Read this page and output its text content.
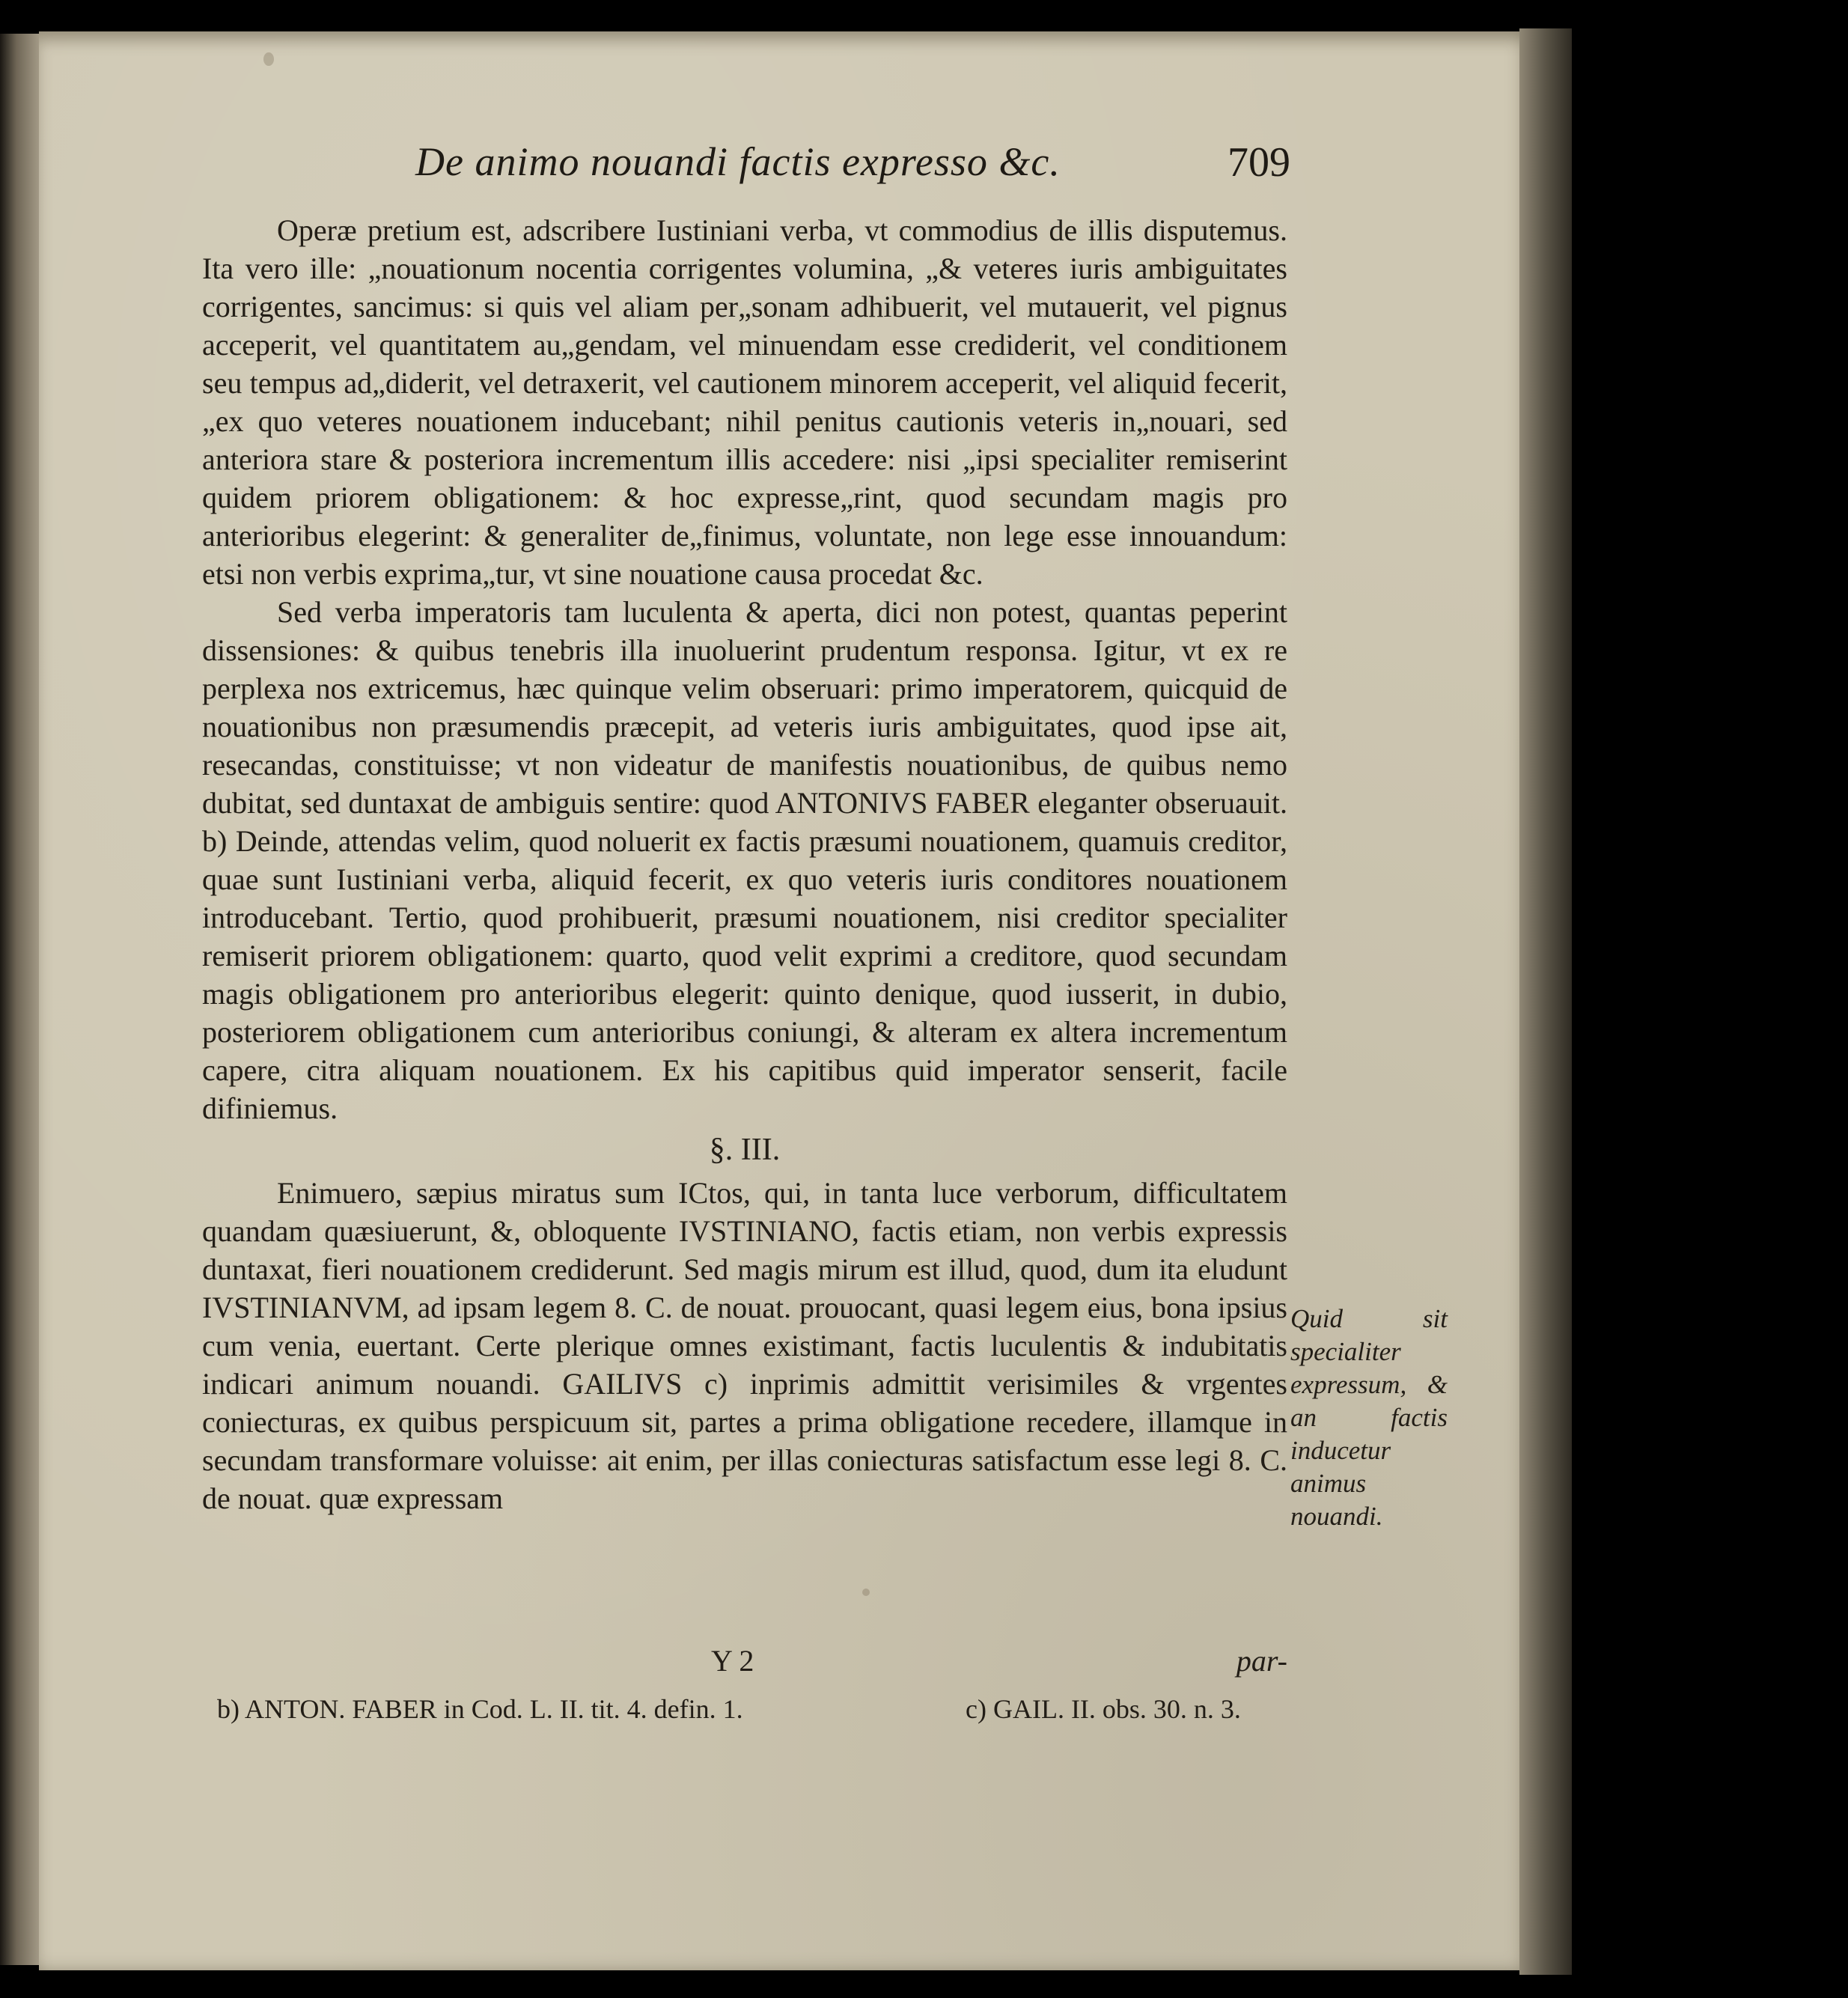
De animo nouandi factis expresso &c.	709

Operæ pretium est, adscribere Iustiniani verba, vt commodius de illis disputemus. Ita vero ille: „nouationum nocentia corrigentes volumina, „& veteres iuris ambiguitates corrigentes, sancimus: si quis vel aliam per„sonam adhibuerit, vel mutauerit, vel pignus acceperit, vel quantitatem au„gendam, vel minuendam esse crediderit, vel conditionem seu tempus ad„diderit, vel detraxerit, vel cautionem minorem acceperit, vel aliquid fecerit, „ex quo veteres nouationem inducebant; nihil penitus cautionis veteris in„nouari, sed anteriora stare & posteriora incrementum illis accedere: nisi „ipsi specialiter remiserint quidem priorem obligationem: & hoc expresse„rint, quod secundam magis pro anterioribus elegerint: & generaliter de„finimus, voluntate, non lege esse innouandum: etsi non verbis exprima„tur, vt sine nouatione causa procedat &c.

Sed verba imperatoris tam luculenta & aperta, dici non potest, quantas peperint dissensiones: & quibus tenebris illa inuoluerint prudentum responsa. Igitur, vt ex re perplexa nos extricemus, hæc quinque velim obseruari: primo imperatorem, quicquid de nouationibus non præsumendis præcepit, ad veteris iuris ambiguitates, quod ipse ait, resecandas, constituisse; vt non videatur de manifestis nouationibus, de quibus nemo dubitat, sed duntaxat de ambiguis sentire: quod ANTONIVS FABER eleganter obseruauit. b) Deinde, attendas velim, quod noluerit ex factis præsumi nouationem, quamuis creditor, quae sunt Iustiniani verba, aliquid fecerit, ex quo veteris iuris conditores nouationem introducebant. Tertio, quod prohibuerit, præsumi nouationem, nisi creditor specialiter remiserit priorem obligationem: quarto, quod velit exprimi a creditore, quod secundam magis obligationem pro anterioribus elegerit: quinto denique, quod iusserit, in dubio, posteriorem obligationem cum anterioribus coniungi, & alteram ex altera incrementum capere, citra aliquam nouationem. Ex his capitibus quid imperator senserit, facile difiniemus.

§. III.

Enimuero, sæpius miratus sum ICtos, qui, in tanta luce verborum, difficultatem quandam quæsiuerunt, &, obloquente IVSTINIANO, factis etiam, non verbis expressis duntaxat, fieri nouationem crediderunt. Sed magis mirum est illud, quod, dum ita eludunt IVSTINIANVM, ad ipsam legem 8. C. de nouat. prouocant, quasi legem eius, bona ipsius cum venia, euertant. Certe plerique omnes existimant, factis luculentis & indubitatis indicari animum nouandi. GAILIVS c) inprimis admittit verisimiles & vrgentes coniecturas, ex quibus perspicuum sit, partes a prima obligatione recedere, illamque in secundam transformare voluisse: ait enim, per illas coniecturas satisfactum esse legi 8. C. de nouat. quæ expressam

Quid sit specialiter expressum, & an factis inducetur animus nouandi.
Y 2	par-
b) ANTON. FABER in Cod. L. II. tit. 4. defin. 1.	c) GAIL. II. obs. 30. n. 3.
